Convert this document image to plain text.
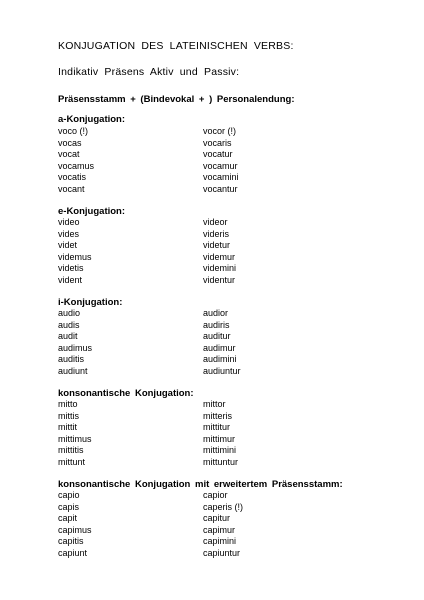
KONJUGATION DES LATEINISCHEN VERBS:
Indikativ Präsens Aktiv und Passiv:
Präsensstamm + (Bindevokal + ) Personalendung:
a-Konjugation:
voco (!)	vocor (!)
vocas	vocaris
vocat	vocatur
vocamus	vocamur
vocatis	vocamini
vocant	vocantur
e-Konjugation:
video	videor
vides	videris
videt	videtur
videmus	videmur
videtis	videmini
vident	videntur
i-Konjugation:
audio	audior
audis	audiris
audit	auditur
audimus	audimur
auditis	audimini
audiunt	audiuntur
konsonantische Konjugation:
mitto	mittor
mittis	mitteris
mittit	mittitur
mittimus	mittimur
mittitis	mittimini
mittunt	mittuntur
konsonantische Konjugation mit erweitertem Präsensstamm:
capio	capior
capis	caperis (!)
capit	capitur
capimus	capimur
capitis	capimini
capiunt	capiuntur
